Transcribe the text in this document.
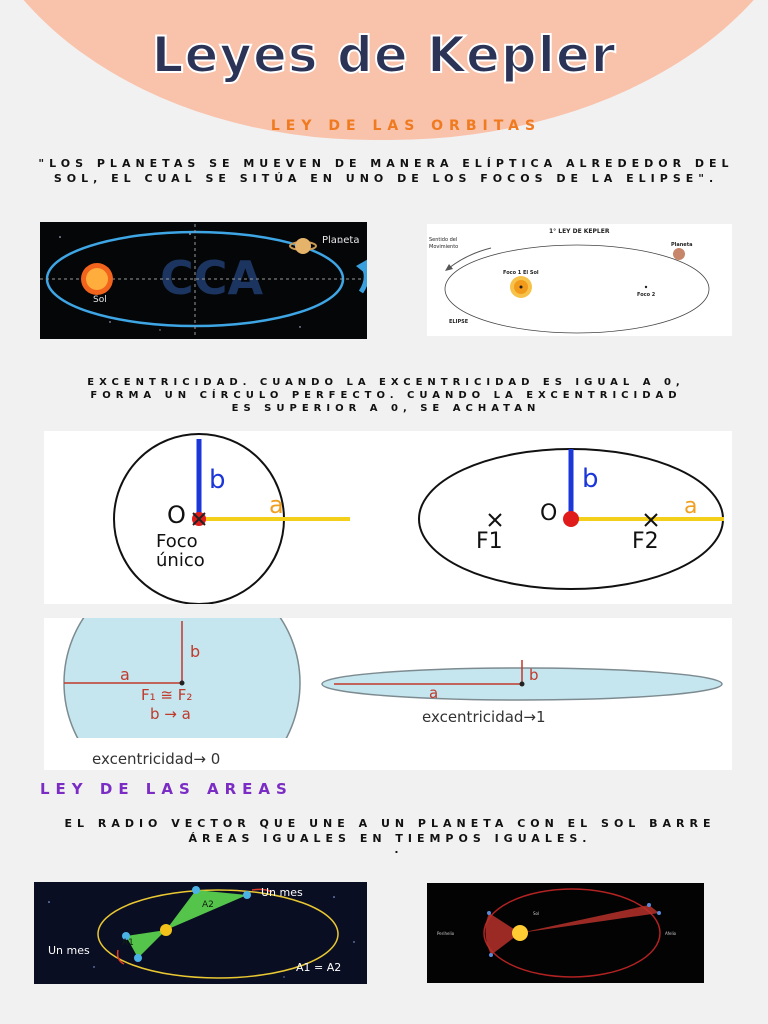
Leyes de Kepler
LEY DE LAS ORBITAS
"LOS PLANETAS SE MUEVEN DE MANERA ELÍPTICA ALREDEDOR DEL SOL, EL CUAL SE SITÚA EN UNO DE LOS FOCOS DE LA ELIPSE".
CCA
Planeta
Sol
1° LEY DE KEPLER
Sentido del
Movimiento	Planeta
Foco 1 El Sol
Foco 2
ELIPSE
EXCENTRICIDAD. CUANDO LA EXCENTRICIDAD ES IGUAL A 0, FORMA UN CÍRCULO PERFECTO. CUANDO LA EXCENTRICIDAD ES SUPERIOR A 0, SE ACHATAN
b
a
O
Foco
único
b
a
O
F1	F2
b
a
F₁ ≅ F₂
b → a
excentricidad→ 0
b
a
excentricidad→1
LEY DE LAS AREAS
EL RADIO VECTOR QUE UNE A UN PLANETA CON EL SOL BARRE ÁREAS IGUALES EN TIEMPOS IGUALES.
.
Un mes
Un mes
A1
A2
A1 = A2
Sol
Perihelio	Afelio
